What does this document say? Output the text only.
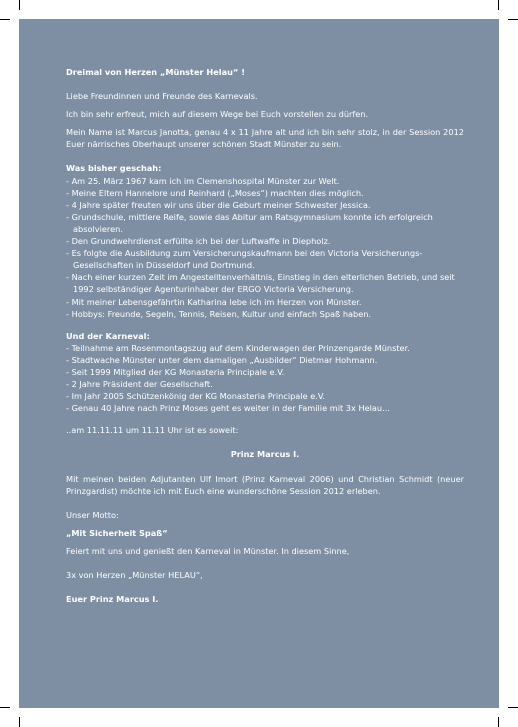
Dreimal von Herzen „Münster Helau“ !

Liebe Freundinnen und Freunde des Karnevals.

Ich bin sehr erfreut, mich auf diesem Wege bei Euch vorstellen zu dürfen.

Mein Name ist Marcus Janotta, genau 4 x 11 Jahre alt und ich bin sehr stolz, in der Session 2012 Euer närrisches Oberhaupt unserer schönen Stadt Münster zu sein.

Was bisher geschah:

- Am 25. März 1967 kam ich im Clemenshospital Münster zur Welt.
- Meine Eltern Hannelore und Reinhard („Moses“) machten dies möglich.
- 4 Jahre später freuten wir uns über die Geburt meiner Schwester Jessica.
- Grundschule, mittlere Reife, sowie das Abitur am Ratsgymnasium konnte ich erfolgreich absolvieren.
- Den Grundwehrdienst erfüllte ich bei der Luftwaffe in Diepholz.
- Es folgte die Ausbildung zum Versicherungskaufmann bei den Victoria Versicherungs-Gesellschaften in Düsseldorf und Dortmund.
- Nach einer kurzen Zeit im Angestelltenverhältnis, Einstieg in den elterlichen Betrieb, und seit 1992 selbständiger Agenturinhaber der ERGO Victoria Versicherung.
- Mit meiner Lebensgefährtin Katharina lebe ich im Herzen von Münster.
- Hobbys: Freunde, Segeln, Tennis, Reisen, Kultur und einfach Spaß haben.

Und der Karneval:

- Teilnahme am Rosenmontagszug auf dem Kinderwagen der Prinzengarde Münster.
- Stadtwache Münster unter dem damaligen „Ausbilder“ Dietmar Hohmann.
- Seit 1999 Mitglied der KG Monasteria Principale e.V.
- 2 Jahre Präsident der Gesellschaft.
- Im Jahr 2005 Schützenkönig der KG Monasteria Principale e.V.
- Genau 40 Jahre nach Prinz Moses geht es weiter in der Familie mit 3x Helau...

..am 11.11.11 um 11.11 Uhr ist es soweit:

Prinz Marcus I.

Mit meinen beiden Adjutanten Ulf Imort (Prinz Karneval 2006) und Christian Schmidt (neuer Prinzgardist) möchte ich mit Euch eine wunderschöne Session 2012 erleben.

Unser Motto:

„Mit Sicherheit Spaß“

Feiert mit uns und genießt den Karneval in Münster. In diesem Sinne,

3x von Herzen „Münster HELAU“,

Euer Prinz Marcus I.
